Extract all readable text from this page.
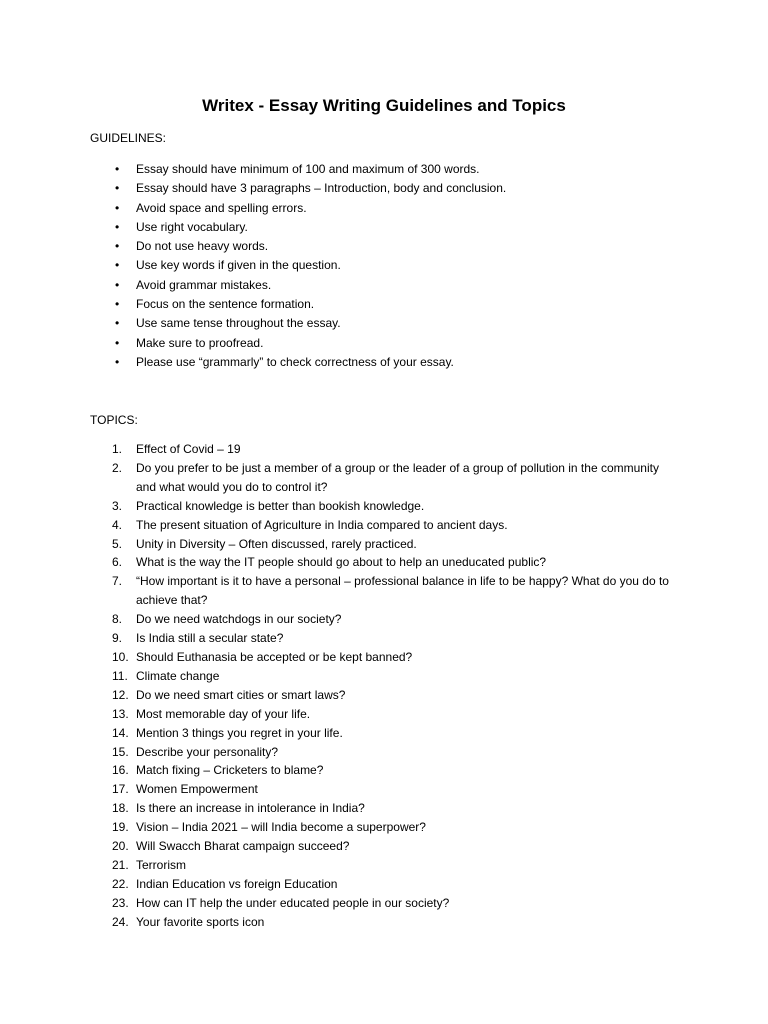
Writex - Essay Writing Guidelines and Topics
GUIDELINES:
• Essay should have minimum of 100 and maximum of 300 words.
• Essay should have 3 paragraphs – Introduction, body and conclusion.
• Avoid space and spelling errors.
• Use right vocabulary.
• Do not use heavy words.
• Use key words if given in the question.
• Avoid grammar mistakes.
• Focus on the sentence formation.
• Use same tense throughout the essay.
• Make sure to proofread.
• Please use “grammarly” to check correctness of your essay.
TOPICS:
1. Effect of Covid – 19
2. Do you prefer to be just a member of a group or the leader of a group of pollution in the community and what would you do to control it?
3. Practical knowledge is better than bookish knowledge.
4. The present situation of Agriculture in India compared to ancient days.
5. Unity in Diversity – Often discussed, rarely practiced.
6. What is the way the IT people should go about to help an uneducated public?
7. “How important is it to have a personal – professional balance in life to be happy? What do you do to achieve that?
8. Do we need watchdogs in our society?
9. Is India still a secular state?
10. Should Euthanasia be accepted or be kept banned?
11. Climate change
12. Do we need smart cities or smart laws?
13. Most memorable day of your life.
14. Mention 3 things you regret in your life.
15. Describe your personality?
16. Match fixing – Cricketers to blame?
17. Women Empowerment
18. Is there an increase in intolerance in India?
19. Vision – India 2021 – will India become a superpower?
20. Will Swacch Bharat campaign succeed?
21. Terrorism
22. Indian Education vs foreign Education
23. How can IT help the under educated people in our society?
24. Your favorite sports icon
